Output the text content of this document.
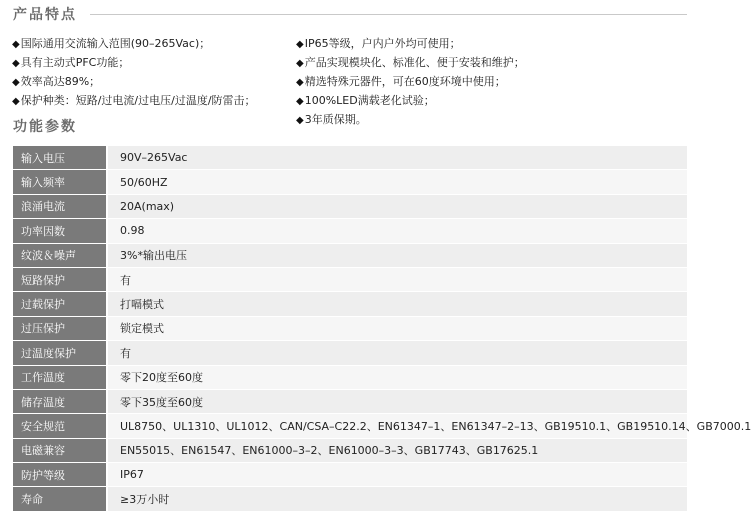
产品特点
◆国际通用交流输入范围(90–265Vac)；
◆具有主动式PFC功能；
◆效率高达89%；
◆保护种类：短路/过电流/过电压/过温度/防雷击；
◆IP65等级，户内户外均可使用；
◆产品实现模块化、标准化、便于安装和维护；
◆精选特殊元器件，可在60度环境中使用；
◆100%LED满载老化试验；
◆3年质保期。
功能参数
输入电压	90V–265Vac
输入频率	50/60HZ
浪涌电流	20A(max)
功率因数	0.98
纹波＆噪声	3%*输出电压
短路保护	有
过载保护	打嗝模式
过压保护	锁定模式
过温度保护	有
工作温度	零下20度至60度
储存温度	零下35度至60度
安全规范	UL8750、UL1310、UL1012、CAN/CSA–C22.2、EN61347–1、EN61347–2–13、GB19510.1、GB19510.14、GB7000.1
电磁兼容	EN55015、EN61547、EN61000–3–2、EN61000–3–3、GB17743、GB17625.1
防护等级	IP67
寿命	≥3万小时
